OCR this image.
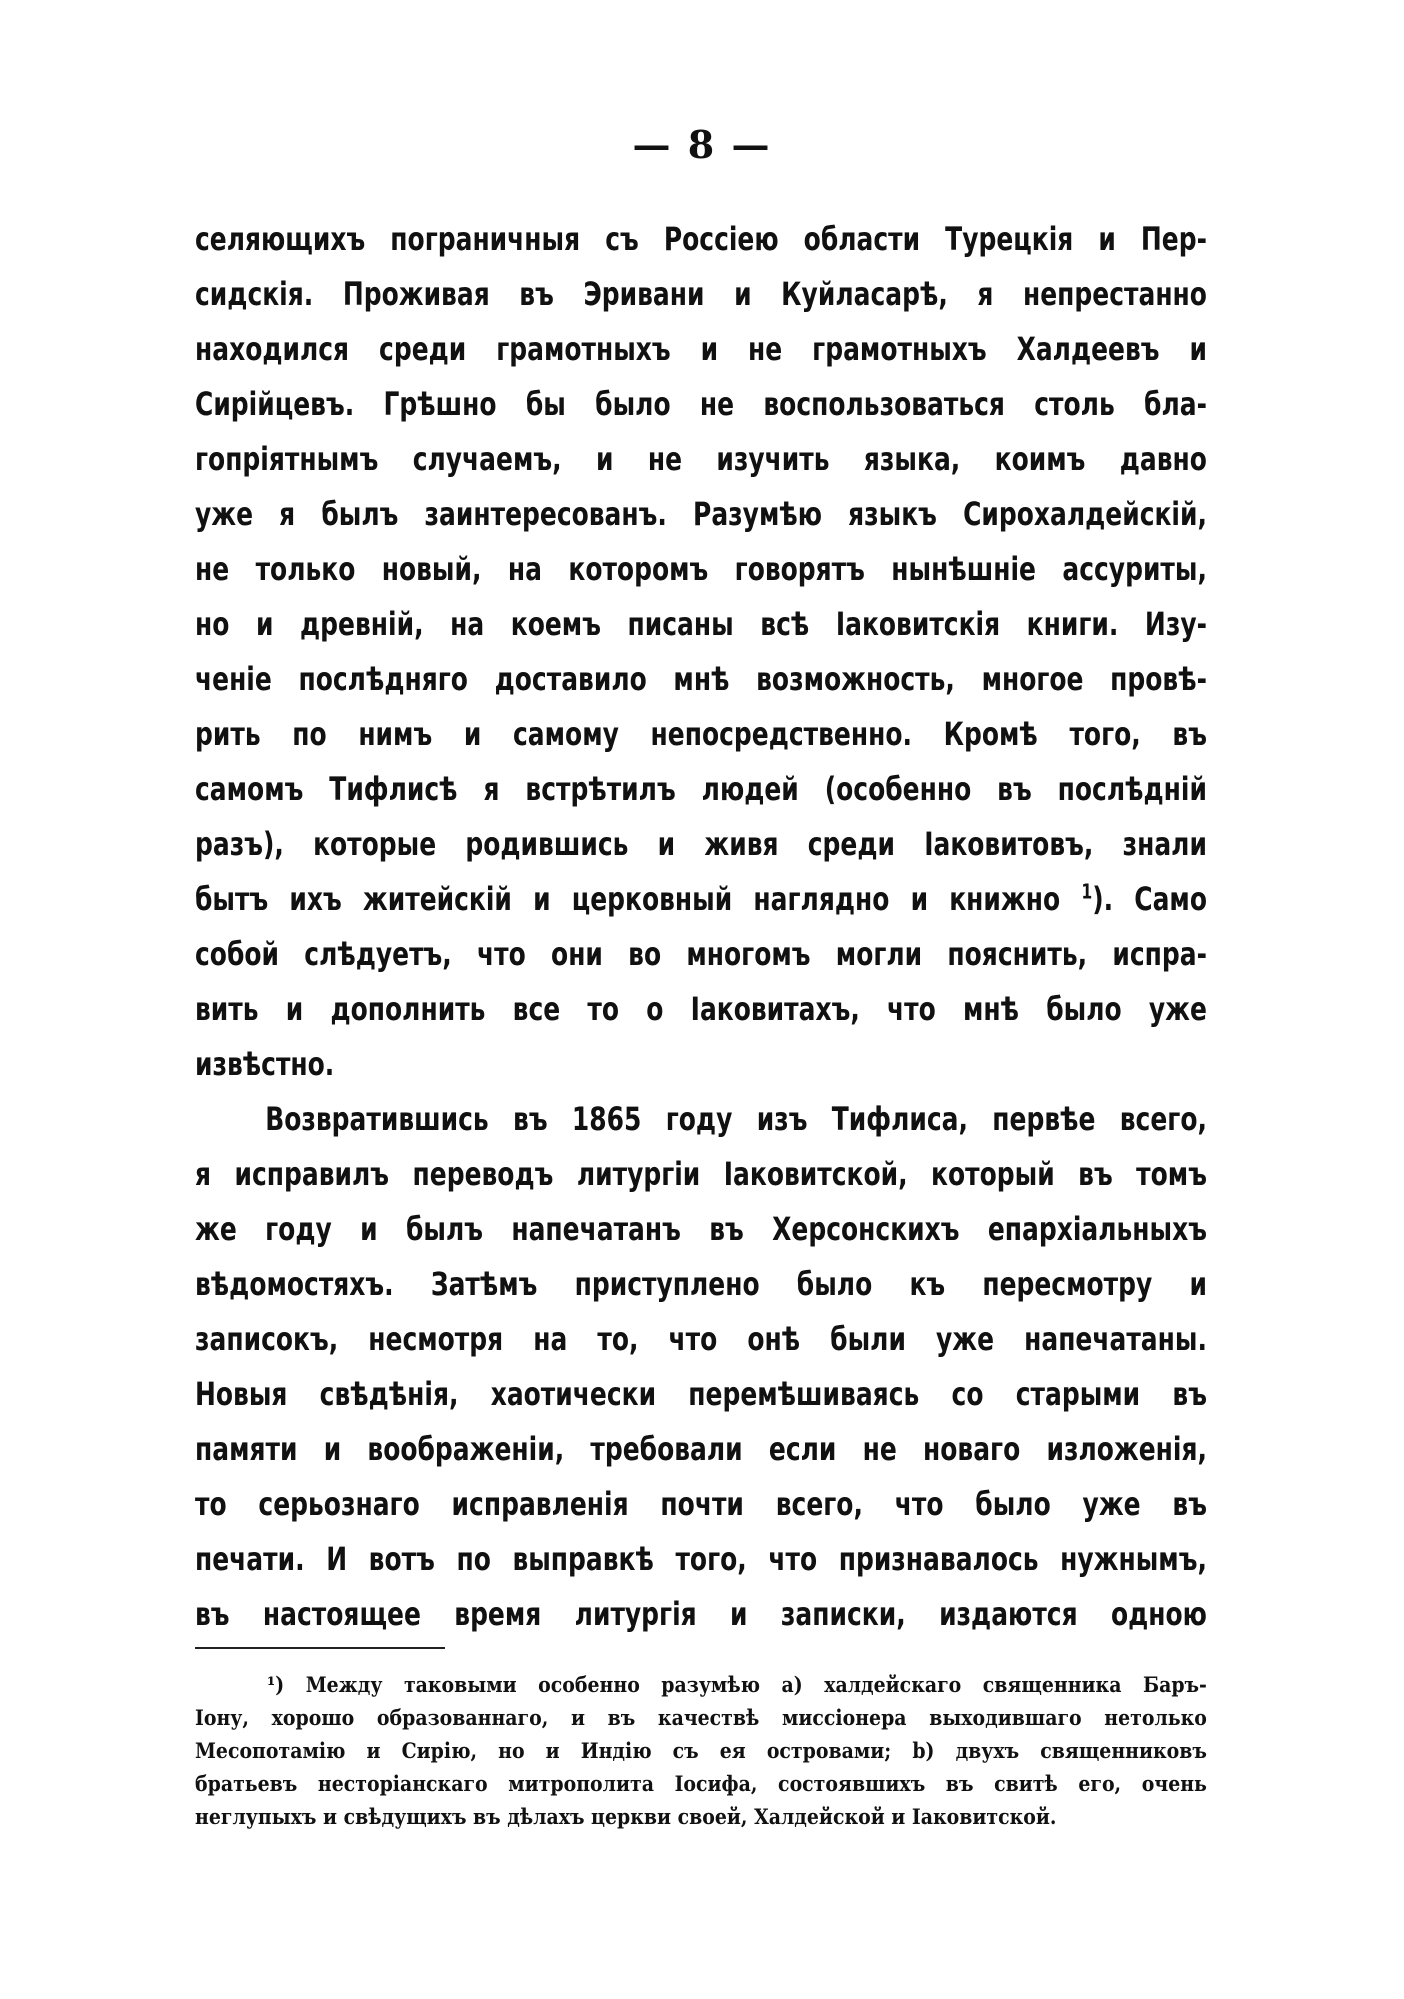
— 8 —
селяющихъ пограничныя съ Россіею области Турецкія и Пер-
сидскія. Проживая въ Эривани и Куйласарѣ, я непрестанно
находился среди грамотныхъ и не грамотныхъ Халдеевъ и
Сирійцевъ. Грѣшно бы было не воспользоваться столь бла-
гопріятнымъ случаемъ, и не изучить языка, коимъ давно
уже я былъ заинтересованъ. Разумѣю языкъ Сирохалдейскій,
не только новый, на которомъ говорятъ нынѣшніе ассуриты,
но и древній, на коемъ писаны всѣ Іаковитскія книги. Изу-
ченіе послѣдняго доставило мнѣ возможность, многое провѣ-
рить по нимъ и самому непосредственно. Кромѣ того, въ
самомъ Тифлисѣ я встрѣтилъ людей (особенно въ послѣдній
разъ), которые родившись и живя среди Іаковитовъ, знали
бытъ ихъ житейскій и церковный наглядно и книжно $^1$). Само
собой слѣдуетъ, что они во многомъ могли пояснить, испра-
вить и дополнить все то о Іаковитахъ, что мнѣ было уже
извѣстно.
Возвратившись въ 1865 году изъ Тифлиса, первѣе всего,
я исправилъ переводъ литургіи Іаковитской, который въ томъ
же году и былъ напечатанъ въ Херсонскихъ епархіальныхъ
вѣдомостяхъ. Затѣмъ приступлено было къ пересмотру и
записокъ, несмотря на то, что онѣ были уже напечатаны.
Новыя свѣдѣнія, хаотически перемѣшиваясь со старыми въ
памяти и воображеніи, требовали если не новаго изложенія,
то серьознаго исправленія почти всего, что было уже въ
печати. И вотъ по выправкѣ того, что признавалось нужнымъ,
въ настоящее время литургія и записки, издаются одною
¹) Между таковыми особенно разумѣю а) халдейскаго священника Баръ-
Іону, хорошо образованнаго, и въ качествѣ миссіонера выходившаго нетолько
Месопотамію и Сирію, но и Индію съ ея островами; b) двухъ священниковъ
братьевъ несторіанскаго митрополита Іосифа, состоявшихъ въ свитѣ его, очень
неглупыхъ и свѣдущихъ въ дѣлахъ церкви своей, Халдейской и Іаковитской.
